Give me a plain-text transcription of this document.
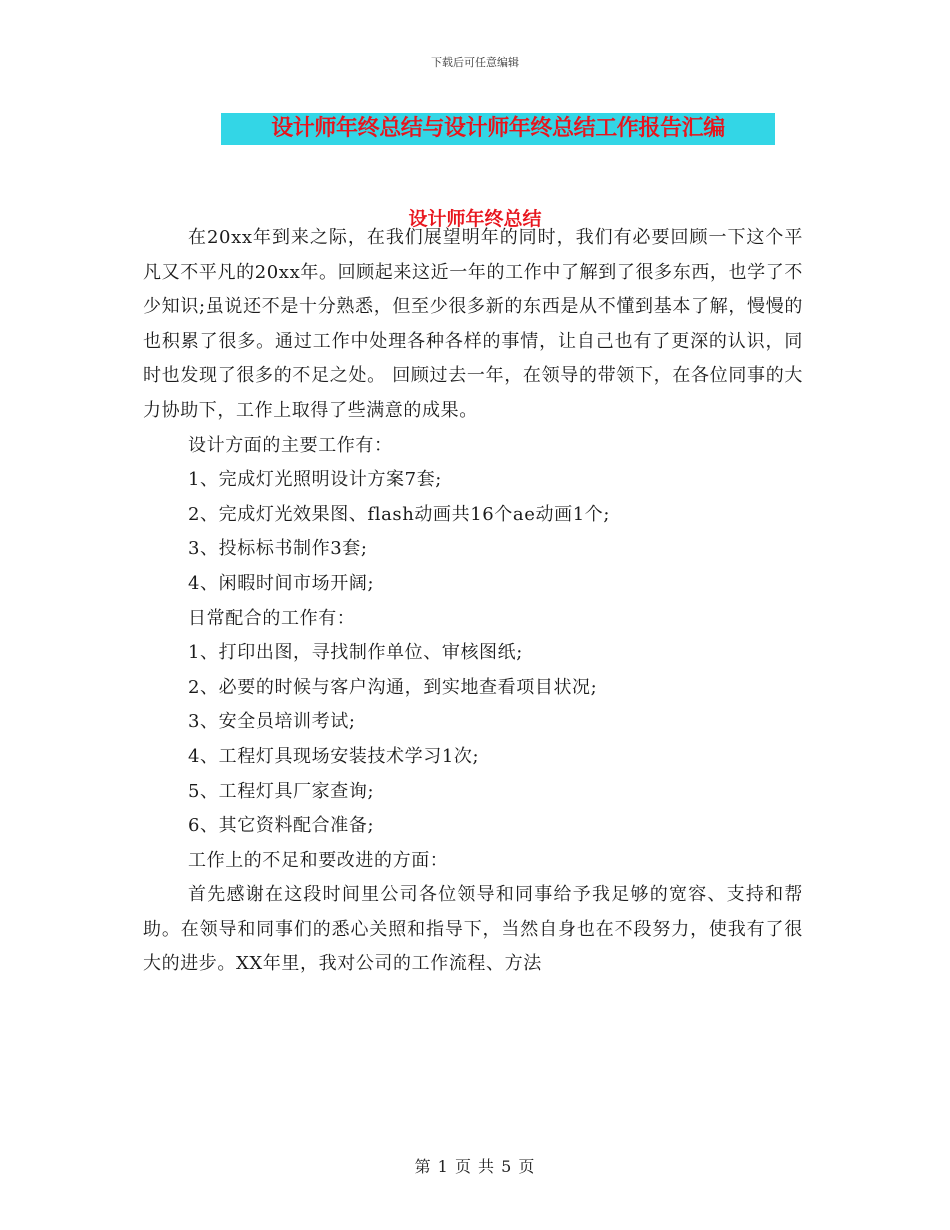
下载后可任意编辑
设计师年终总结与设计师年终总结工作报告汇编
设计师年终总结

在20xx年到来之际，在我们展望明年的同时，我们有必要回顾一下这个平凡又不平凡的20xx年。回顾起来这近一年的工作中了解到了很多东西，也学了不少知识;虽说还不是十分熟悉，但至少很多新的东西是从不懂到基本了解，慢慢的也积累了很多。通过工作中处理各种各样的事情，让自己也有了更深的认识，同时也发现了很多的不足之处。 回顾过去一年，在领导的带领下，在各位同事的大力协助下，工作上取得了些满意的成果。

设计方面的主要工作有：

1、完成灯光照明设计方案7套;

2、完成灯光效果图、flash动画共16个ae动画1个;

3、投标标书制作3套;

4、闲暇时间市场开阔;

日常配合的工作有：

1、打印出图，寻找制作单位、审核图纸;

2、必要的时候与客户沟通，到实地查看项目状况;

3、安全员培训考试;

4、工程灯具现场安装技术学习1次;

5、工程灯具厂家查询;

6、其它资料配合准备;

工作上的不足和要改进的方面：

首先感谢在这段时间里公司各位领导和同事给予我足够的宽容、支持和帮助。在领导和同事们的悉心关照和指导下，当然自身也在不段努力，使我有了很大的进步。XX年里，我对公司的工作流程、方法

第 1 页 共 5 页
